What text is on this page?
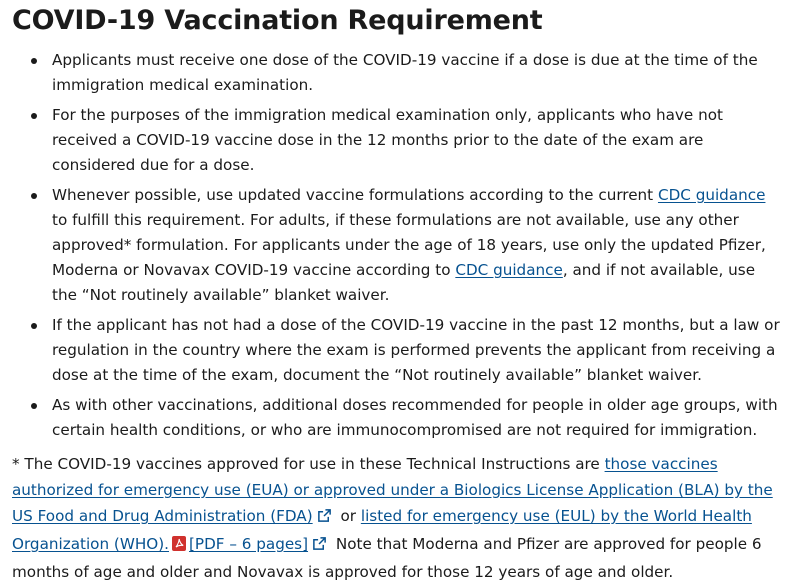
COVID-19 Vaccination Requirement
Applicants must receive one dose of the COVID-19 vaccine if a dose is due at the time of the immigration medical examination.
For the purposes of the immigration medical examination only, applicants who have not received a COVID-19 vaccine dose in the 12 months prior to the date of the exam are considered due for a dose.
Whenever possible, use updated vaccine formulations according to the current CDC guidance to fulfill this requirement. For adults, if these formulations are not available, use any other approved* formulation. For applicants under the age of 18 years, use only the updated Pfizer, Moderna or Novavax COVID-19 vaccine according to CDC guidance, and if not available, use the “Not routinely available” blanket waiver.
If the applicant has not had a dose of the COVID-19 vaccine in the past 12 months, but a law or regulation in the country where the exam is performed prevents the applicant from receiving a dose at the time of the exam, document the “Not routinely available” blanket waiver.
As with other vaccinations, additional doses recommended for people in older age groups, with certain health conditions, or who are immunocompromised are not required for immigration.

* The COVID-19 vaccines approved for use in these Technical Instructions are those vaccines authorized for emergency use (EUA) or approved under a Biologics License Application (BLA) by the US Food and Drug Administration (FDA) or listed for emergency use (EUL) by the World Health Organization (WHO). [PDF – 6 pages] Note that Moderna and Pfizer are approved for people 6 months of age and older and Novavax is approved for those 12 years of age and older.
